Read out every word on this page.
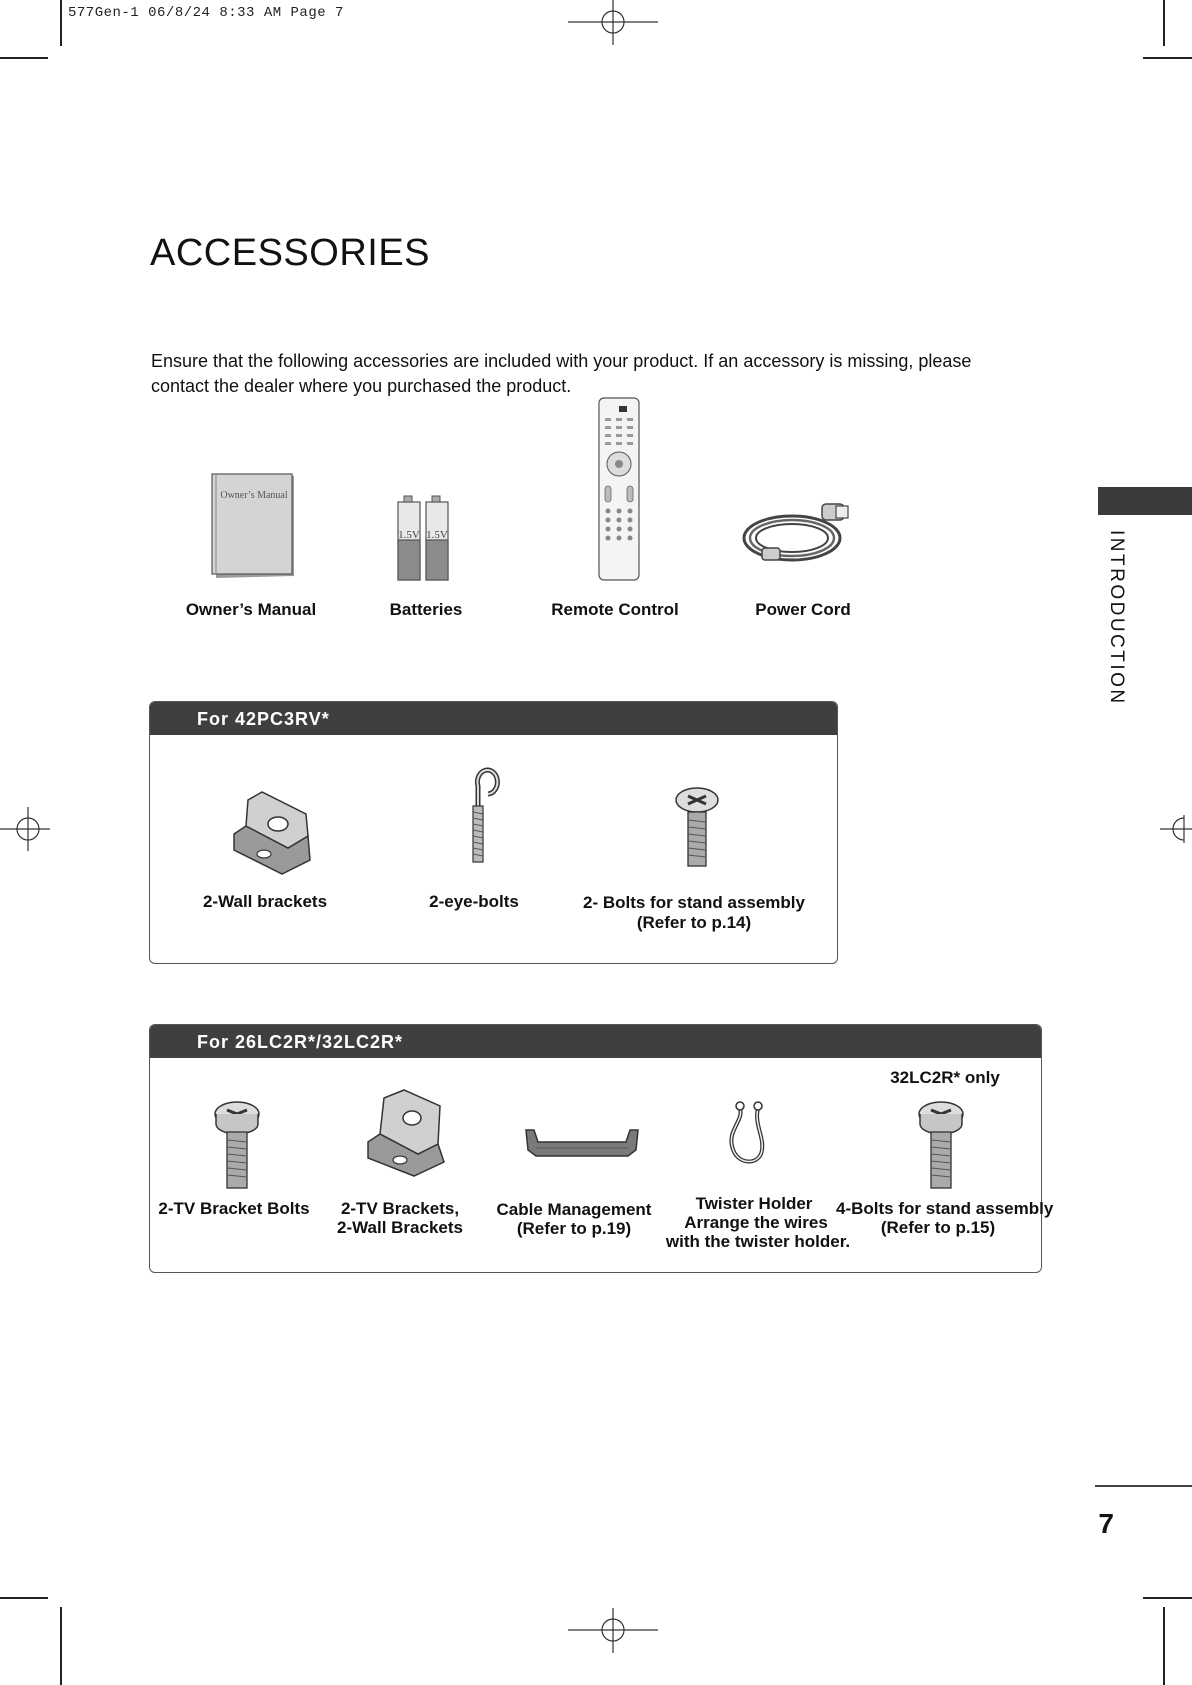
577Gen-1 06/8/24 8:33 AM Page 7
ACCESSORIES
Ensure that the following accessories are included with your product. If an accessory is missing, please contact the dealer where you purchased the product.
INTRODUCTION
Owner’s Manual
1.5V 1.5V
Owner’s Manual	Batteries	Remote Control	Power Cord
For 42PC3RV*
2-Wall brackets	2-eye-bolts	2- Bolts for stand assembly
(Refer to p.14)
For 26LC2R*/32LC2R*
32LC2R* only
2-TV Bracket Bolts	2-TV Brackets,
2-Wall Brackets
Cable Management
(Refer to p.19)
Twister Holder
Arrange the wires
with the twister holder.
4-Bolts for stand assembly
(Refer to p.15)
7
